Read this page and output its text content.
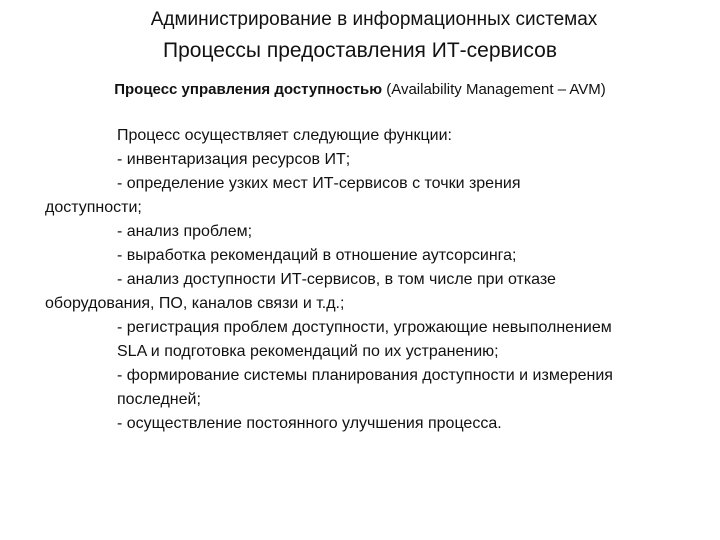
Администрирование в информационных системах
Процессы предоставления ИТ-сервисов
Процесс управления доступностью (Availability Management – AVM)
Процесс осуществляет следующие функции:
- инвентаризация ресурсов ИТ;
- определение узких мест ИТ-сервисов с точки зрения
доступности;
- анализ проблем;
- выработка рекомендаций в отношение аутсорсинга;
- анализ доступности ИТ-сервисов, в том числе при отказе
оборудования, ПО, каналов связи и т.д.;
- регистрация проблем доступности, угрожающие невыполнением
SLA и подготовка рекомендаций по их устранению;
- формирование системы планирования доступности и измерения
последней;
- осуществление постоянного улучшения процесса.
